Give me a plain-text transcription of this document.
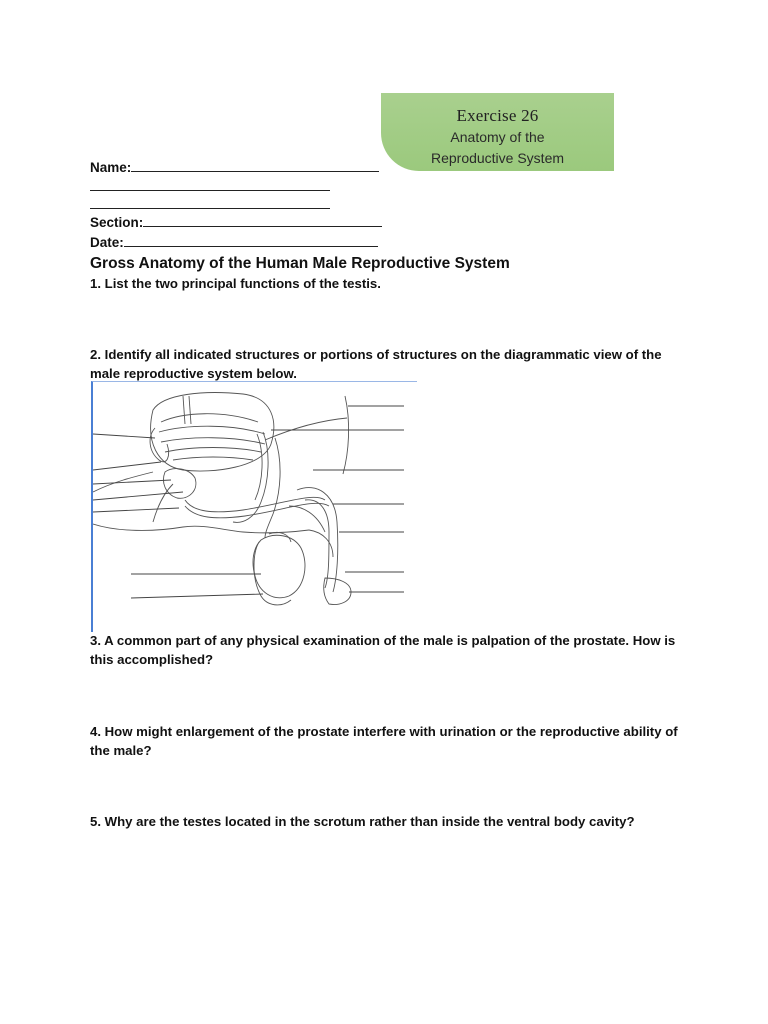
Exercise 26
Anatomy of the
Reproductive System
Name:
Section:
Date:
Gross Anatomy of the Human Male Reproductive System
1. List the two principal functions of the testis.
2. Identify all indicated structures or portions of structures on the diagrammatic view of the male reproductive system below.
3. A common part of any physical examination of the male is palpation of the prostate. How is this accomplished?
4. How might enlargement of the prostate interfere with urination or the reproductive ability of the male?
5. Why are the testes located in the scrotum rather than inside the ventral body cavity?
